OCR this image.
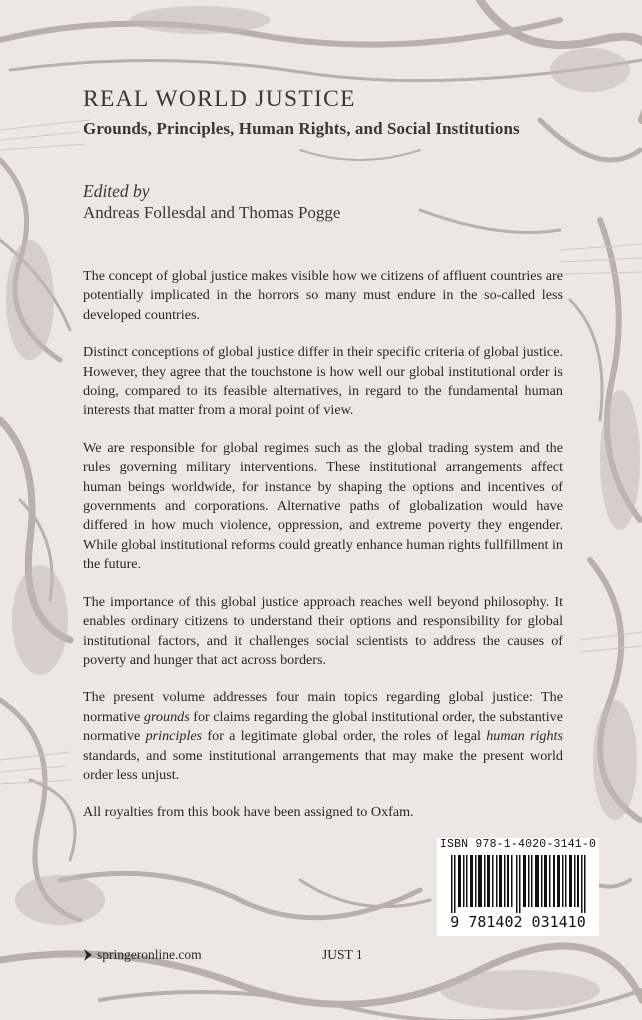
REAL WORLD JUSTICE
Grounds, Principles, Human Rights, and Social Institutions
Edited by
Andreas Follesdal and Thomas Pogge

The concept of global justice makes visible how we citizens of affluent countries are potentially implicated in the horrors so many must endure in the so-called less developed countries.

Distinct conceptions of global justice differ in their specific criteria of global justice. However, they agree that the touchstone is how well our global institutional order is doing, compared to its feasible alternatives, in regard to the fundamental human interests that matter from a moral point of view.

We are responsible for global regimes such as the global trading system and the rules governing military interventions. These institutional arrangements affect human beings worldwide, for instance by shaping the options and incentives of governments and corporations. Alternative paths of globalization would have differed in how much violence, oppression, and extreme poverty they engender. While global institutional reforms could greatly enhance human rights fullfillment in the future.

The importance of this global justice approach reaches well beyond philosophy. It enables ordinary citizens to understand their options and responsibility for global institutional factors, and it challenges social scientists to address the causes of poverty and hunger that act across borders.

The present volume addresses four main topics regarding global justice: The normative grounds for claims regarding the global institutional order, the substantive normative principles for a legitimate global order, the roles of legal human rights standards, and some institutional arrangements that may make the present world order less unjust.

All royalties from this book have been assigned to Oxfam.

ISBN 978-1-4020-3141-0
9 781402 031410
springeronline.com	JUST 1
